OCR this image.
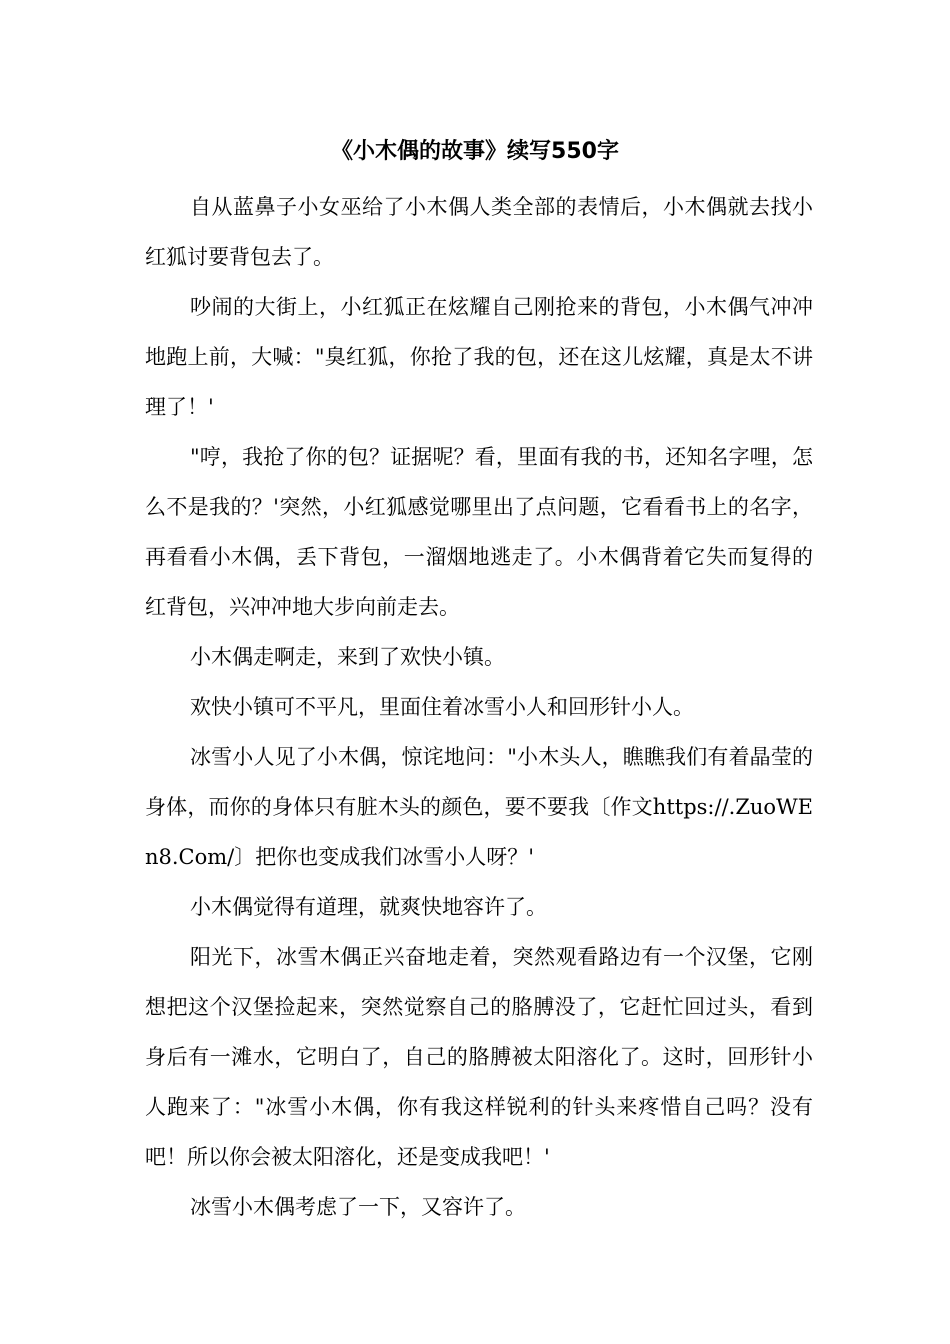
《小木偶的故事》续写550字

自从蓝鼻子小女巫给了小木偶人类全部的表情后，小木偶就去找小红狐讨要背包去了。

吵闹的大街上，小红狐正在炫耀自己刚抢来的背包，小木偶气冲冲地跑上前，大喊："臭红狐，你抢了我的包，还在这儿炫耀，真是太不讲理了！'

"哼，我抢了你的包？证据呢？看，里面有我的书，还知名字哩，怎么不是我的？'突然，小红狐感觉哪里出了点问题，它看看书上的名字，再看看小木偶，丢下背包，一溜烟地逃走了。小木偶背着它失而复得的红背包，兴冲冲地大步向前走去。

小木偶走啊走，来到了欢快小镇。

欢快小镇可不平凡，里面住着冰雪小人和回形针小人。

冰雪小人见了小木偶，惊诧地问："小木头人，瞧瞧我们有着晶莹的身体，而你的身体只有脏木头的颜色，要不要我〔作文https://.ZuoWEn8.Com/〕把你也变成我们冰雪小人呀？'

小木偶觉得有道理，就爽快地容许了。

阳光下，冰雪木偶正兴奋地走着，突然观看路边有一个汉堡，它刚想把这个汉堡捡起来，突然觉察自己的胳膊没了，它赶忙回过头，看到身后有一滩水，它明白了，自己的胳膊被太阳溶化了。这时，回形针小人跑来了："冰雪小木偶，你有我这样锐利的针头来疼惜自己吗？没有吧！所以你会被太阳溶化，还是变成我吧！'

冰雪小木偶考虑了一下，又容许了。
